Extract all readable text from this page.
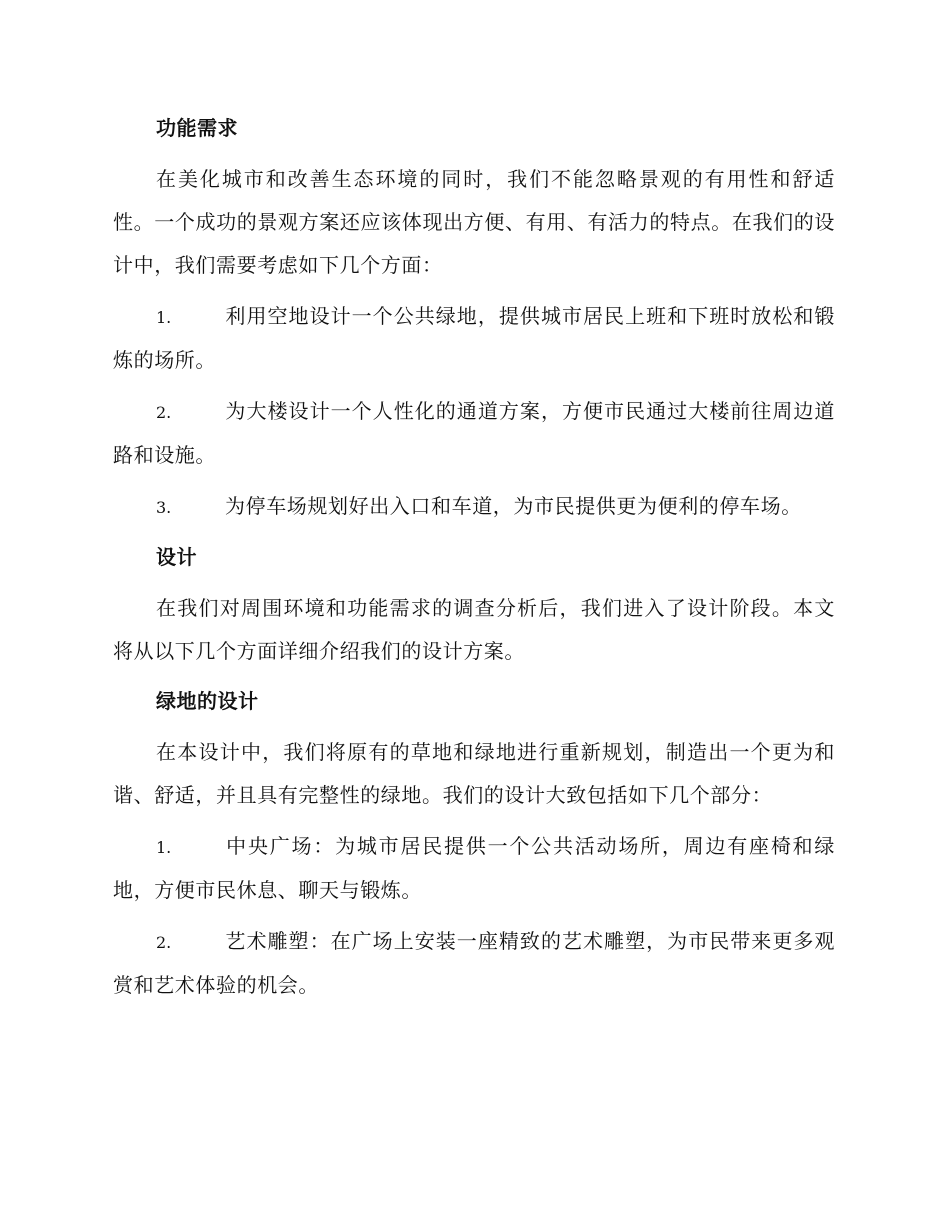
功能需求

在美化城市和改善生态环境的同时，我们不能忽略景观的有用性和舒适性。一个成功的景观方案还应该体现出方便、有用、有活力的特点。在我们的设计中，我们需要考虑如下几个方面：

1.	利用空地设计一个公共绿地，提供城市居民上班和下班时放松和锻炼的场所。

2.	为大楼设计一个人性化的通道方案，方便市民通过大楼前往周边道路和设施。

3.	为停车场规划好出入口和车道，为市民提供更为便利的停车场。

设计

在我们对周围环境和功能需求的调查分析后，我们进入了设计阶段。本文将从以下几个方面详细介绍我们的设计方案。

绿地的设计

在本设计中，我们将原有的草地和绿地进行重新规划，制造出一个更为和谐、舒适，并且具有完整性的绿地。我们的设计大致包括如下几个部分：

1.	中央广场：为城市居民提供一个公共活动场所，周边有座椅和绿地，方便市民休息、聊天与锻炼。

2.	艺术雕塑：在广场上安装一座精致的艺术雕塑，为市民带来更多观赏和艺术体验的机会。
